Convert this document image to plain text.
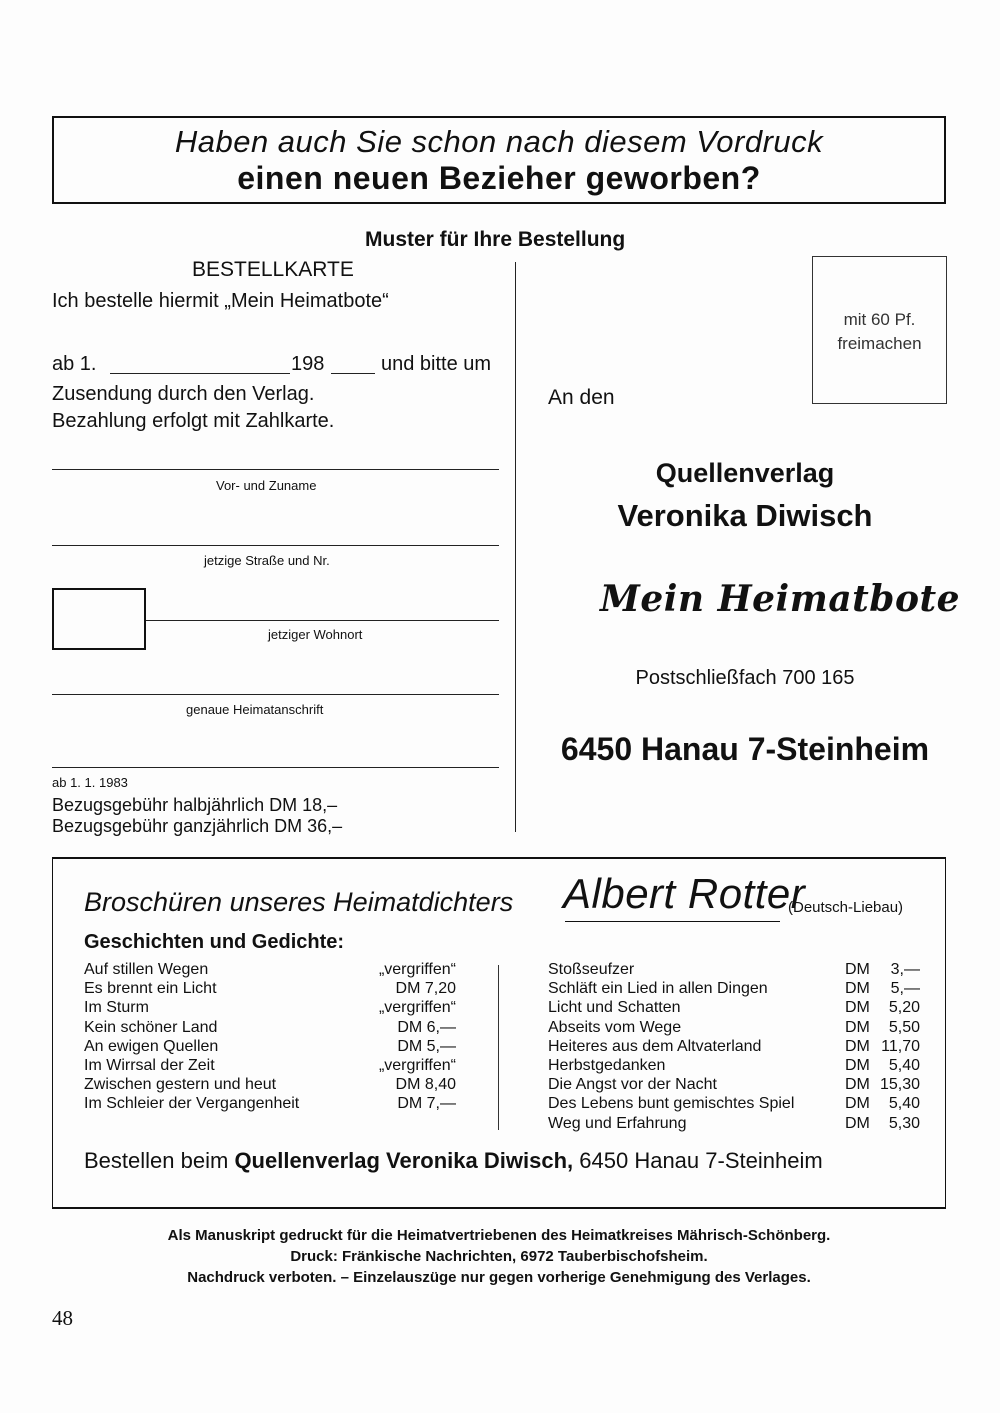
Haben auch Sie schon nach diesem Vordruck
einen neuen Bezieher geworben?
Muster für Ihre Bestellung
BESTELLKARTE
Ich bestelle hiermit „Mein Heimatbote“
ab 1.	198	und bitte um
Zusendung durch den Verlag.
Bezahlung erfolgt mit Zahlkarte.
Vor- und Zuname
jetzige Straße und Nr.
jetziger Wohnort
genaue Heimatanschrift
ab 1. 1. 1983
Bezugsgebühr halbjährlich DM 18,–
Bezugsgebühr ganzjährlich DM 36,–
mit 60 Pf.
freimachen
An den
Quellenverlag
Veronika Diwisch
Mein Heimatbote
Postschließfach 700 165
6450 Hanau 7-Steinheim
Broschüren unseres Heimatdichters Albert Rotter
(Deutsch-Liebau)
Geschichten und Gedichte:
Auf stillen Wegen
Es brennt ein Licht
Im Sturm
Kein schöner Land
An ewigen Quellen
Im Wirrsal der Zeit
Zwischen gestern und heut
Im Schleier der Vergangenheit
„vergriffen“
DM 7,20
„vergriffen“
DM 6,—
DM 5,—
„vergriffen“
DM 8,40
DM 7,—
Stoßseufzer
Schläft ein Lied in allen Dingen
Licht und Schatten
Abseits vom Wege
Heiteres aus dem Altvaterland
Herbstgedanken
Die Angst vor der Nacht
Des Lebens bunt gemischtes Spiel
Weg und Erfahrung
DM
DM
DM
DM
DM
DM
DM
DM
DM
3,—
5,—
5,20
5,50
11,70
5,40
15,30
5,40
5,30
Bestellen beim Quellenverlag Veronika Diwisch, 6450 Hanau 7-Steinheim
Als Manuskript gedruckt für die Heimatvertriebenen des Heimatkreises Mährisch-Schönberg.
Druck: Fränkische Nachrichten, 6972 Tauberbischofsheim.
Nachdruck verboten. – Einzelauszüge nur gegen vorherige Genehmigung des Verlages.
48
